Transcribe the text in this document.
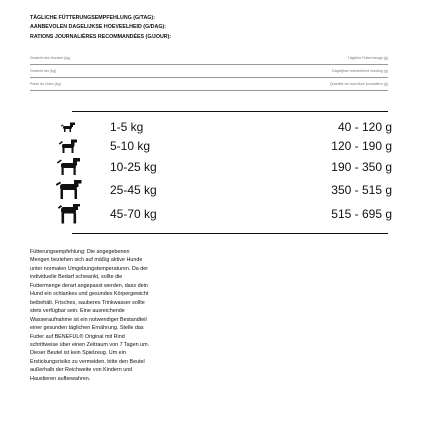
TÄGLICHE FÜTTERUNGSEMPFEHLUNG (G/TAG):
AANBEVOLEN DAGELIJKSE HOEVEELHEID (G/DAG):
RATIONS JOURNALIÈRES RECOMMANDÉES (G/JOUR):
Gewicht des Hundes (kg)	Tägliche Futtermenge (g)
Gewicht der (kg)	Dagelijkse hoeveelheid voeding (g)
Poids du chien (kg)	Quantité de nourriture journalière (g)
1-5 kg	40 - 120 g
5-10 kg	120 - 190 g
10-25 kg	190 - 350 g
25-45 kg	350 - 515 g
45-70 kg	515 - 695 g

Fütterungsempfehlung: Die angegebenen

Mengen beziehen sich auf mäßig aktive Hunde

unter normalen Umgebungstemperaturen. Da der

individuelle Bedarf schwankt, sollte die

Futtermenge derart angepasst werden, dass dein

Hund ein schlankes und gesundes Körpergewicht

beibehält. Frisches, sauberes Trinkwasser sollte

stets verfügbar sein. Eine ausreichende

Wasseraufnahme ist ein notwendiger Bestandteil

einer gesunden täglichen Ernährung. Stelle das

Futter auf BENEFUL® Original mit Rind

schrittweise über einen Zeitraum von 7 Tagen um.

Dieser Beutel ist kein Spielzeug. Um ein

Erstickungsrisiko zu vermeiden, bitte den Beutel

außerhalb der Reichweite von Kindern und

Haustieren aufbewahren.
